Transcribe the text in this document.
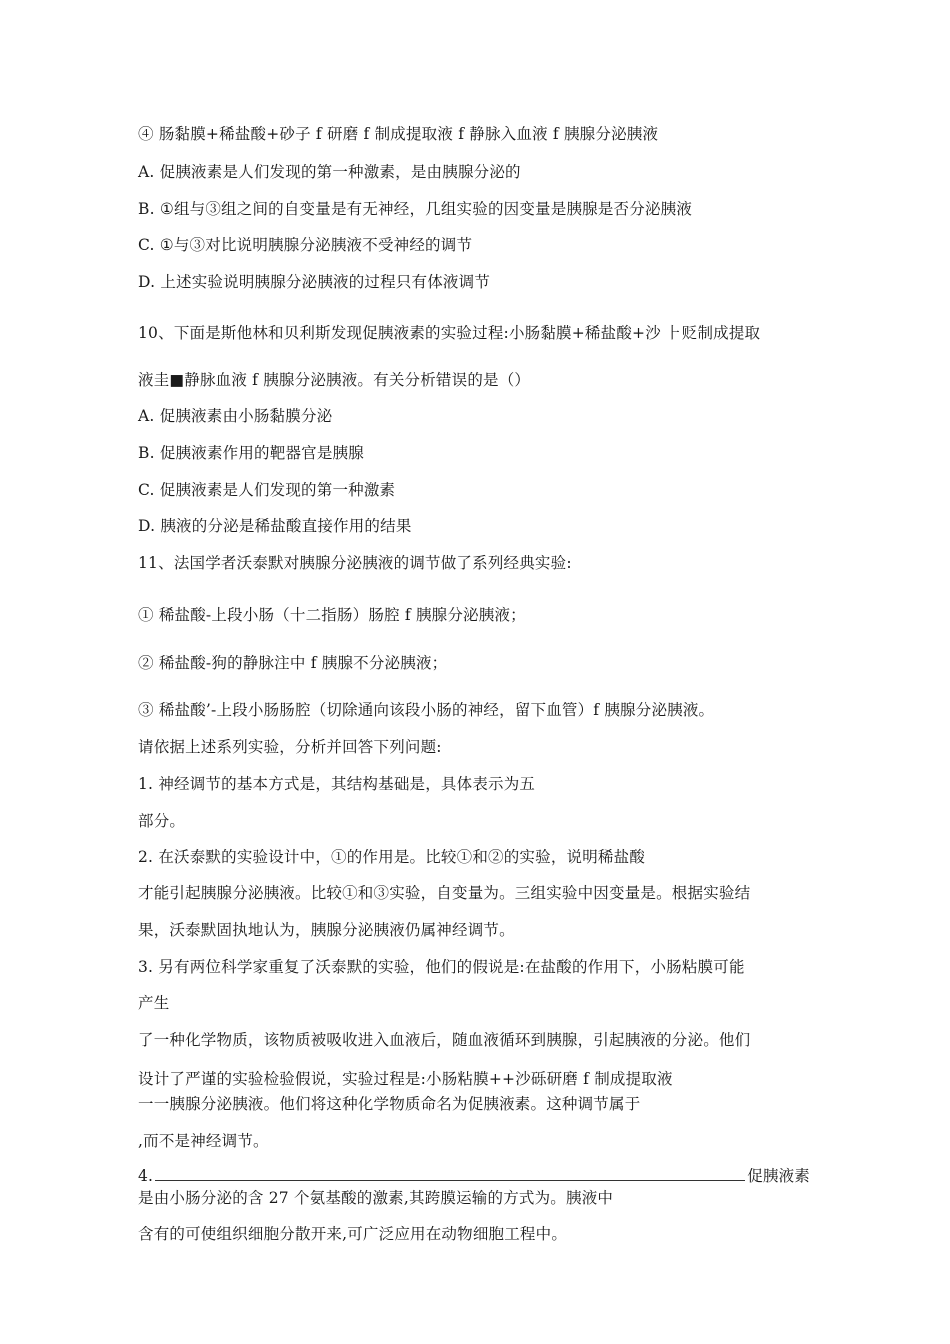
④ 肠黏膜+稀盐酸+砂子 f 研磨 f 制成提取液 f 静脉入血液 f 胰腺分泌胰液
A. 促胰液素是人们发现的第一种激素，是由胰腺分泌的
B. ①组与③组之间的自变量是有无神经，几组实验的因变量是胰腺是否分泌胰液
C. ①与③对比说明胰腺分泌胰液不受神经的调节
D. 上述实验说明胰腺分泌胰液的过程只有体液调节
10、下面是斯他林和贝利斯发现促胰液素的实验过程:小肠黏膜+稀盐酸+沙 ⺊贬制成提取
液圭■静脉血液 f 胰腺分泌胰液。有关分析错误的是（）
A. 促胰液素由小肠黏膜分泌
B. 促胰液素作用的靶器官是胰腺
C. 促胰液素是人们发现的第一种激素
D. 胰液的分泌是稀盐酸直接作用的结果
11、法国学者沃泰默对胰腺分泌胰液的调节做了系列经典实验:
① 稀盐酸-上段小肠（十二指肠）肠腔 f 胰腺分泌胰液；
② 稀盐酸-狗的静脉注中 f 胰腺不分泌胰液；
③ 稀盐酸’-上段小肠肠腔（切除通向该段小肠的神经，留下血管）f 胰腺分泌胰液。
请依据上述系列实验，分析并回答下列问题:
1. 神经调节的基本方式是，其结构基础是，具体表示为五
部分。
2. 在沃泰默的实验设计中，①的作用是。比较①和②的实验，说明稀盐酸
才能引起胰腺分泌胰液。比较①和③实验，自变量为。三组实验中因变量是。根据实验结
果，沃泰默固执地认为，胰腺分泌胰液仍属神经调节。
3. 另有两位科学家重复了沃泰默的实验，他们的假说是:在盐酸的作用下，小肠粘膜可能
产生
了一种化学物质，该物质被吸收进入血液后，随血液循环到胰腺，引起胰液的分泌。他们
设计了严谨的实验检验假说，实验过程是:小肠粘膜++沙砾研磨 f 制成提取液
一一胰腺分泌胰液。他们将这种化学物质命名为促胰液素。这种调节属于
,而不是神经调节。
4.	促胰液素
是由小肠分泌的含 27 个氨基酸的激素,其跨膜运输的方式为。胰液中
含有的可使组织细胞分散开来,可广泛应用在动物细胞工程中。
